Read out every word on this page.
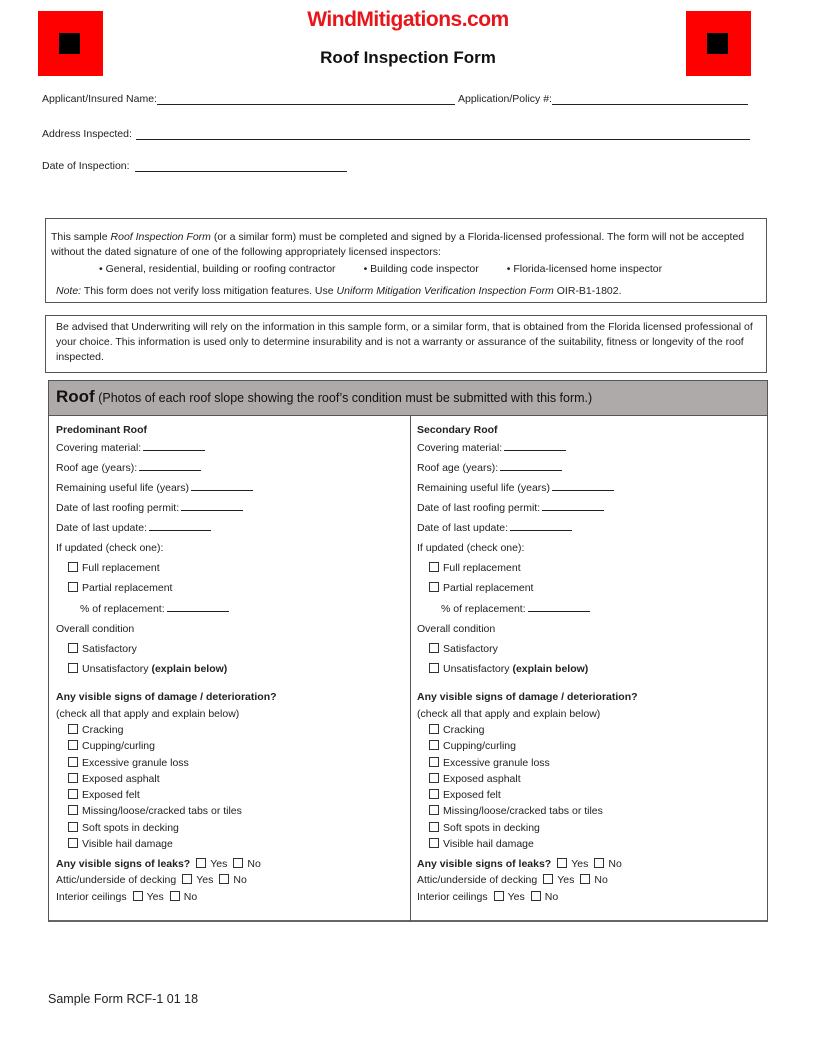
WindMitigations.com
Roof Inspection Form
Applicant/Insured Name:	Application/Policy #:
Address Inspected:
Date of Inspection:
This sample Roof Inspection Form (or a similar form) must be completed and signed by a Florida-licensed professional. The form will not be accepted without the dated signature of one of the following appropriately licensed inspectors:
• General, residential, building or roofing contractor	• Building code inspector	• Florida-licensed home inspector
Note: This form does not verify loss mitigation features. Use Uniform Mitigation Verification Inspection Form OIR-B1-1802.
Be advised that Underwriting will rely on the information in this sample form, or a similar form, that is obtained from the Florida licensed professional of your choice. This information is used only to determine insurability and is not a warranty or assurance of the suitability, fitness or longevity of the roof inspected.
Roof (Photos of each roof slope showing the roof’s condition must be submitted with this form.)
Predominant Roof
Covering material:
Roof age (years):
Remaining useful life (years)
Date of last roofing permit:
Date of last update:
If updated (check one):
Full replacement
Partial replacement
% of replacement:
Overall condition
Satisfactory
Unsatisfactory (explain below)
Any visible signs of damage / deterioration?
(check all that apply and explain below)
Cracking
Cupping/curling
Excessive granule loss
Exposed asphalt
Exposed felt
Missing/loose/cracked tabs or tiles
Soft spots in decking
Visible hail damage
Any visible signs of leaks? Yes No
Attic/underside of decking Yes No
Interior ceilings Yes No
Secondary Roof
Covering material:
Roof age (years):
Remaining useful life (years)
Date of last roofing permit:
Date of last update:
If updated (check one):
Full replacement
Partial replacement
% of replacement:
Overall condition
Satisfactory
Unsatisfactory (explain below)
Any visible signs of damage / deterioration?
(check all that apply and explain below)
Cracking
Cupping/curling
Excessive granule loss
Exposed asphalt
Exposed felt
Missing/loose/cracked tabs or tiles
Soft spots in decking
Visible hail damage
Any visible signs of leaks? Yes No
Attic/underside of decking Yes No
Interior ceilings Yes No
Sample Form RCF-1 01 18
